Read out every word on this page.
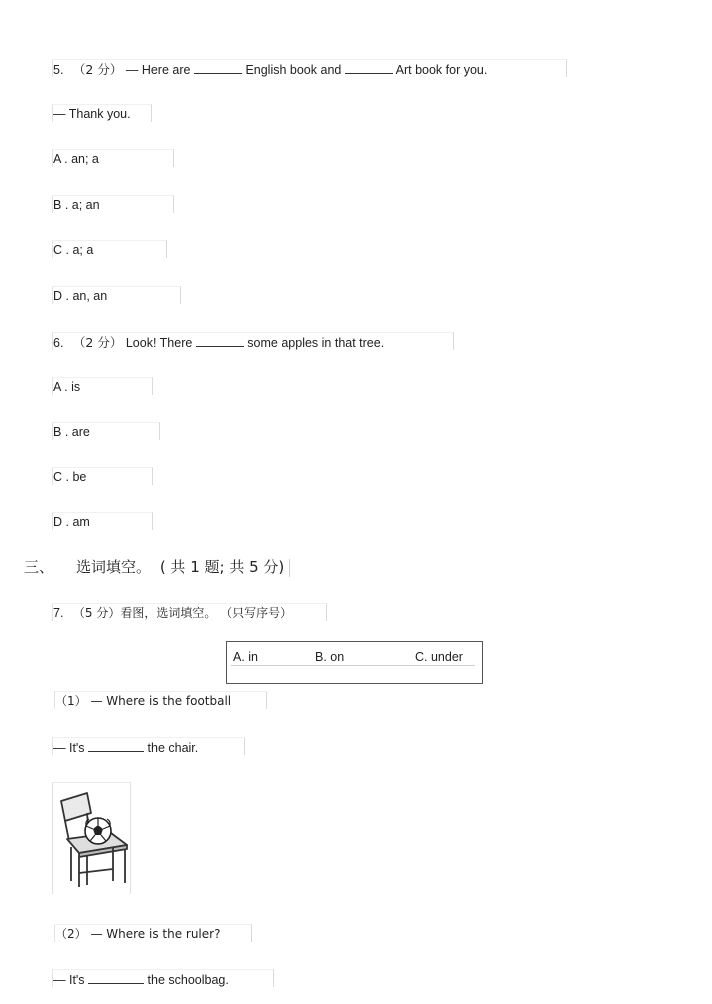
5. （2 分） — Here are	English book and	Art book for you.
— Thank you.
A . an; a
B . a; an
C . a; a
D . an, an
6. （2 分） Look! There	some apples in that tree.
A . is
B . are
C . be
D . am
三、 选词填空。 ( 共 1 题; 共 5 分)
7. （5 分）看图，选词填空。 （只写序号）
A. in	B. on	C. under
（1） — Where is the football
— It's	the chair.
（2） — Where is the ruler?
— It's	the schoolbag.
